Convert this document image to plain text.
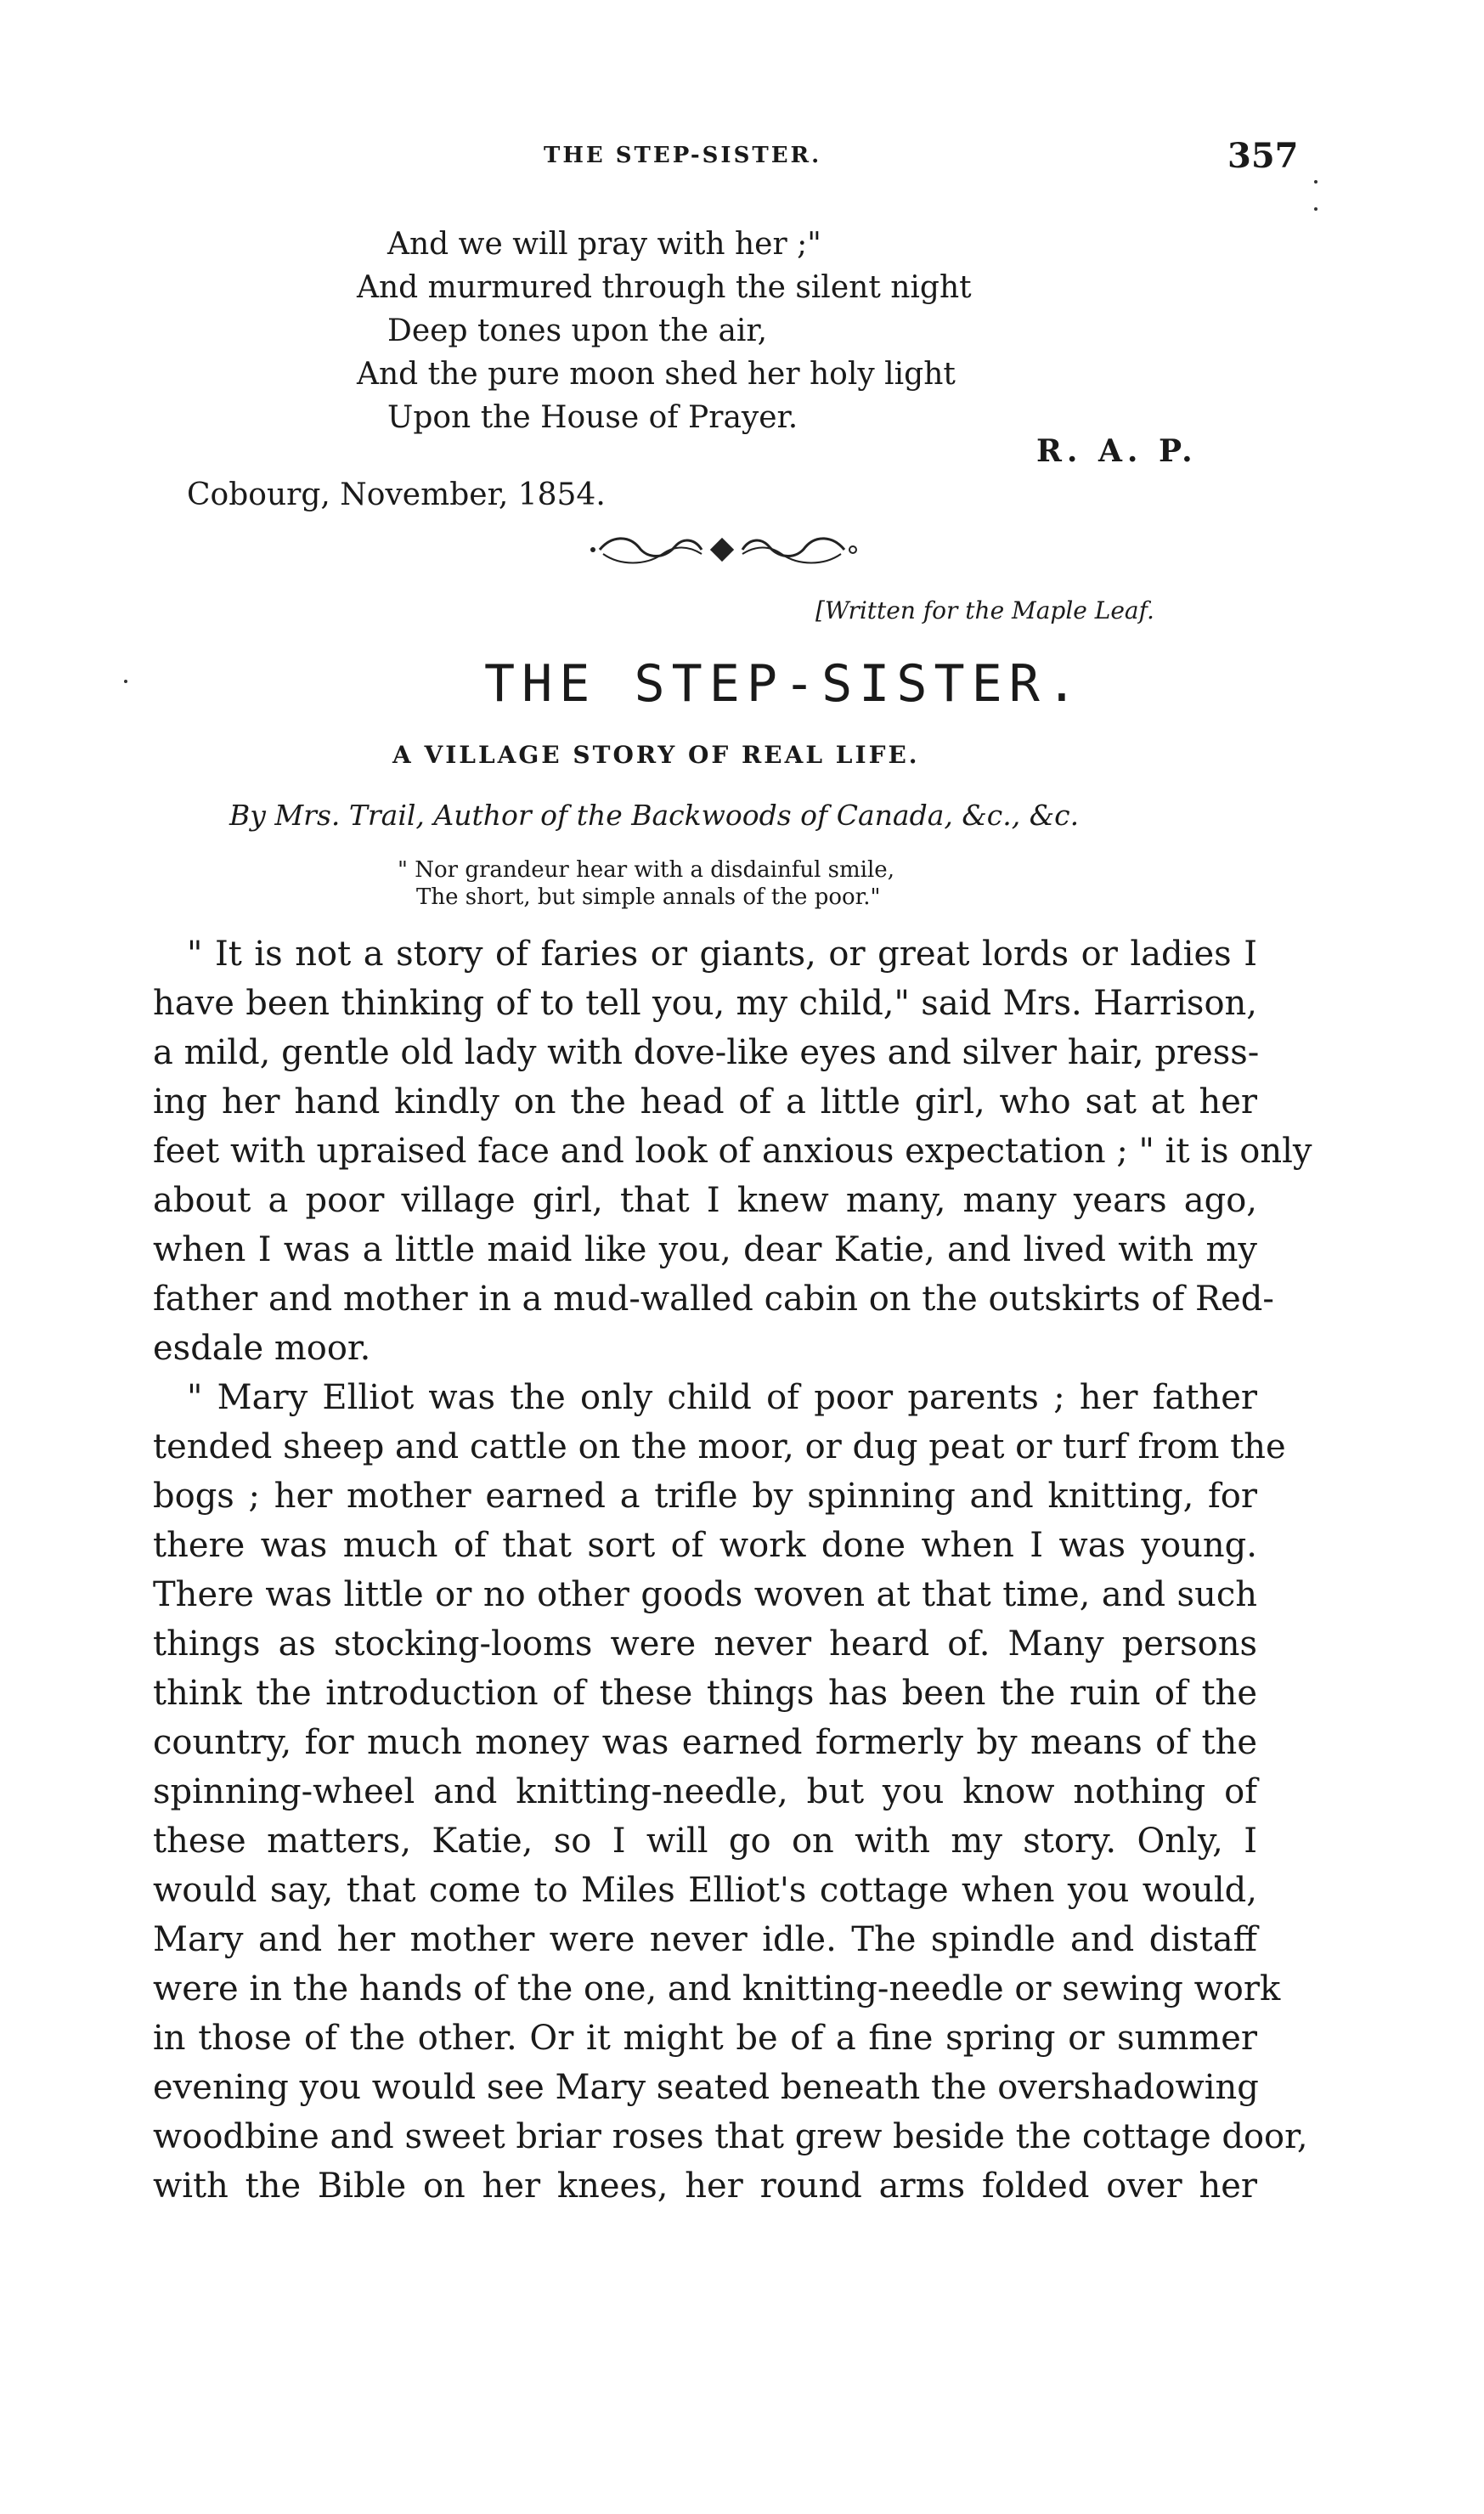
THE STEP-SISTER.	357
And we will pray with her ;"
And murmured through the silent night
Deep tones upon the air,
And the pure moon shed her holy light
Upon the House of Prayer.
R. A. P.
Cobourg, November, 1854.
[Written for the Maple Leaf.
THE STEP-SISTER.
A VILLAGE STORY OF REAL LIFE.
By Mrs. Trail, Author of the Backwoods of Canada, &c., &c.
" Nor grandeur hear with a disdainful smile,
The short, but simple annals of the poor."
" It is not a story of faries or giants, or great lords or ladies I
have been thinking of to tell you, my child," said Mrs. Harrison,
a mild, gentle old lady with dove-like eyes and silver hair, press-
ing her hand kindly on the head of a little girl, who sat at her
feet with upraised face and look of anxious expectation ; " it is only
about a poor village girl, that I knew many, many years ago,
when I was a little maid like you, dear Katie, and lived with my
father and mother in a mud-walled cabin on the outskirts of Red-
esdale moor.
" Mary Elliot was the only child of poor parents ; her father
tended sheep and cattle on the moor, or dug peat or turf from the
bogs ; her mother earned a trifle by spinning and knitting, for
there was much of that sort of work done when I was young.
There was little or no other goods woven at that time, and such
things as stocking-looms were never heard of. Many persons
think the introduction of these things has been the ruin of the
country, for much money was earned formerly by means of the
spinning-wheel and knitting-needle, but you know nothing of
these matters, Katie, so I will go on with my story. Only, I
would say, that come to Miles Elliot's cottage when you would,
Mary and her mother were never idle. The spindle and distaff
were in the hands of the one, and knitting-needle or sewing work
in those of the other. Or it might be of a fine spring or summer
evening you would see Mary seated beneath the overshadowing
woodbine and sweet briar roses that grew beside the cottage door,
with the Bible on her knees, her round arms folded over her
